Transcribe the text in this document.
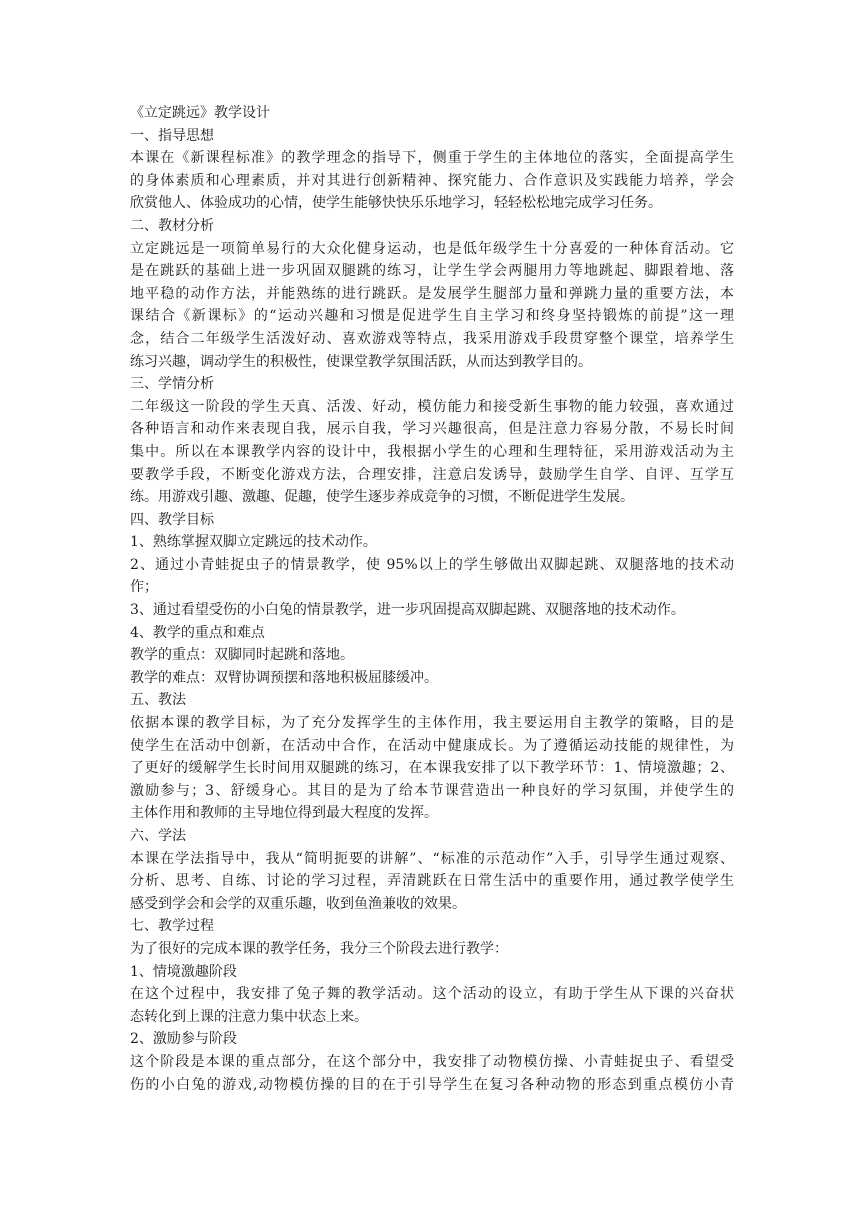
《立定跳远》教学设计
一、指导思想
本课在《新课程标准》的教学理念的指导下，侧重于学生的主体地位的落实，全面提高学生
的身体素质和心理素质，并对其进行创新精神、探究能力、合作意识及实践能力培养，学会
欣赏他人、体验成功的心情，使学生能够快快乐乐地学习，轻轻松松地完成学习任务。
二、教材分析
立定跳远是一项简单易行的大众化健身运动，也是低年级学生十分喜爱的一种体育活动。它
是在跳跃的基础上进一步巩固双腿跳的练习，让学生学会两腿用力等地跳起、脚跟着地、落
地平稳的动作方法，并能熟练的进行跳跃。是发展学生腿部力量和弹跳力量的重要方法，本
课结合《新课标》的“运动兴趣和习惯是促进学生自主学习和终身坚持锻炼的前提”这一理
念，结合二年级学生活泼好动、喜欢游戏等特点，我采用游戏手段贯穿整个课堂，培养学生
练习兴趣，调动学生的积极性，使课堂教学氛围活跃，从而达到教学目的。
三、学情分析
二年级这一阶段的学生天真、活泼、好动，模仿能力和接受新生事物的能力较强，喜欢通过
各种语言和动作来表现自我，展示自我，学习兴趣很高，但是注意力容易分散，不易长时间
集中。所以在本课教学内容的设计中，我根据小学生的心理和生理特征，采用游戏活动为主
要教学手段，不断变化游戏方法，合理安排，注意启发诱导，鼓励学生自学、自评、互学互
练。用游戏引趣、激趣、促趣，使学生逐步养成竞争的习惯，不断促进学生发展。
四、教学目标
1、熟练掌握双脚立定跳远的技术动作。
2、通过小青蛙捉虫子的情景教学，使 95%以上的学生够做出双脚起跳、双腿落地的技术动
作；
3、通过看望受伤的小白兔的情景教学，进一步巩固提高双脚起跳、双腿落地的技术动作。
4、教学的重点和难点
教学的重点：双脚同时起跳和落地。
教学的难点：双臂协调预摆和落地积极屈膝缓冲。
五、教法
依据本课的教学目标，为了充分发挥学生的主体作用，我主要运用自主教学的策略，目的是
使学生在活动中创新，在活动中合作，在活动中健康成长。为了遵循运动技能的规律性，为
了更好的缓解学生长时间用双腿跳的练习，在本课我安排了以下教学环节：1、情境激趣；2、
激励参与；3、舒缓身心。其目的是为了给本节课营造出一种良好的学习氛围，并使学生的
主体作用和教师的主导地位得到最大程度的发挥。
六、学法
本课在学法指导中，我从“简明扼要的讲解”、“标准的示范动作”入手，引导学生通过观察、
分析、思考、自练、讨论的学习过程，弄清跳跃在日常生活中的重要作用，通过教学使学生
感受到学会和会学的双重乐趣，收到鱼渔兼收的效果。
七、教学过程
为了很好的完成本课的教学任务，我分三个阶段去进行教学：
1、情境激趣阶段
在这个过程中，我安排了兔子舞的教学活动。这个活动的设立，有助于学生从下课的兴奋状
态转化到上课的注意力集中状态上来。
2、激励参与阶段
这个阶段是本课的重点部分，在这个部分中，我安排了动物模仿操、小青蛙捉虫子、看望受
伤的小白兔的游戏,动物模仿操的目的在于引导学生在复习各种动物的形态到重点模仿小青
